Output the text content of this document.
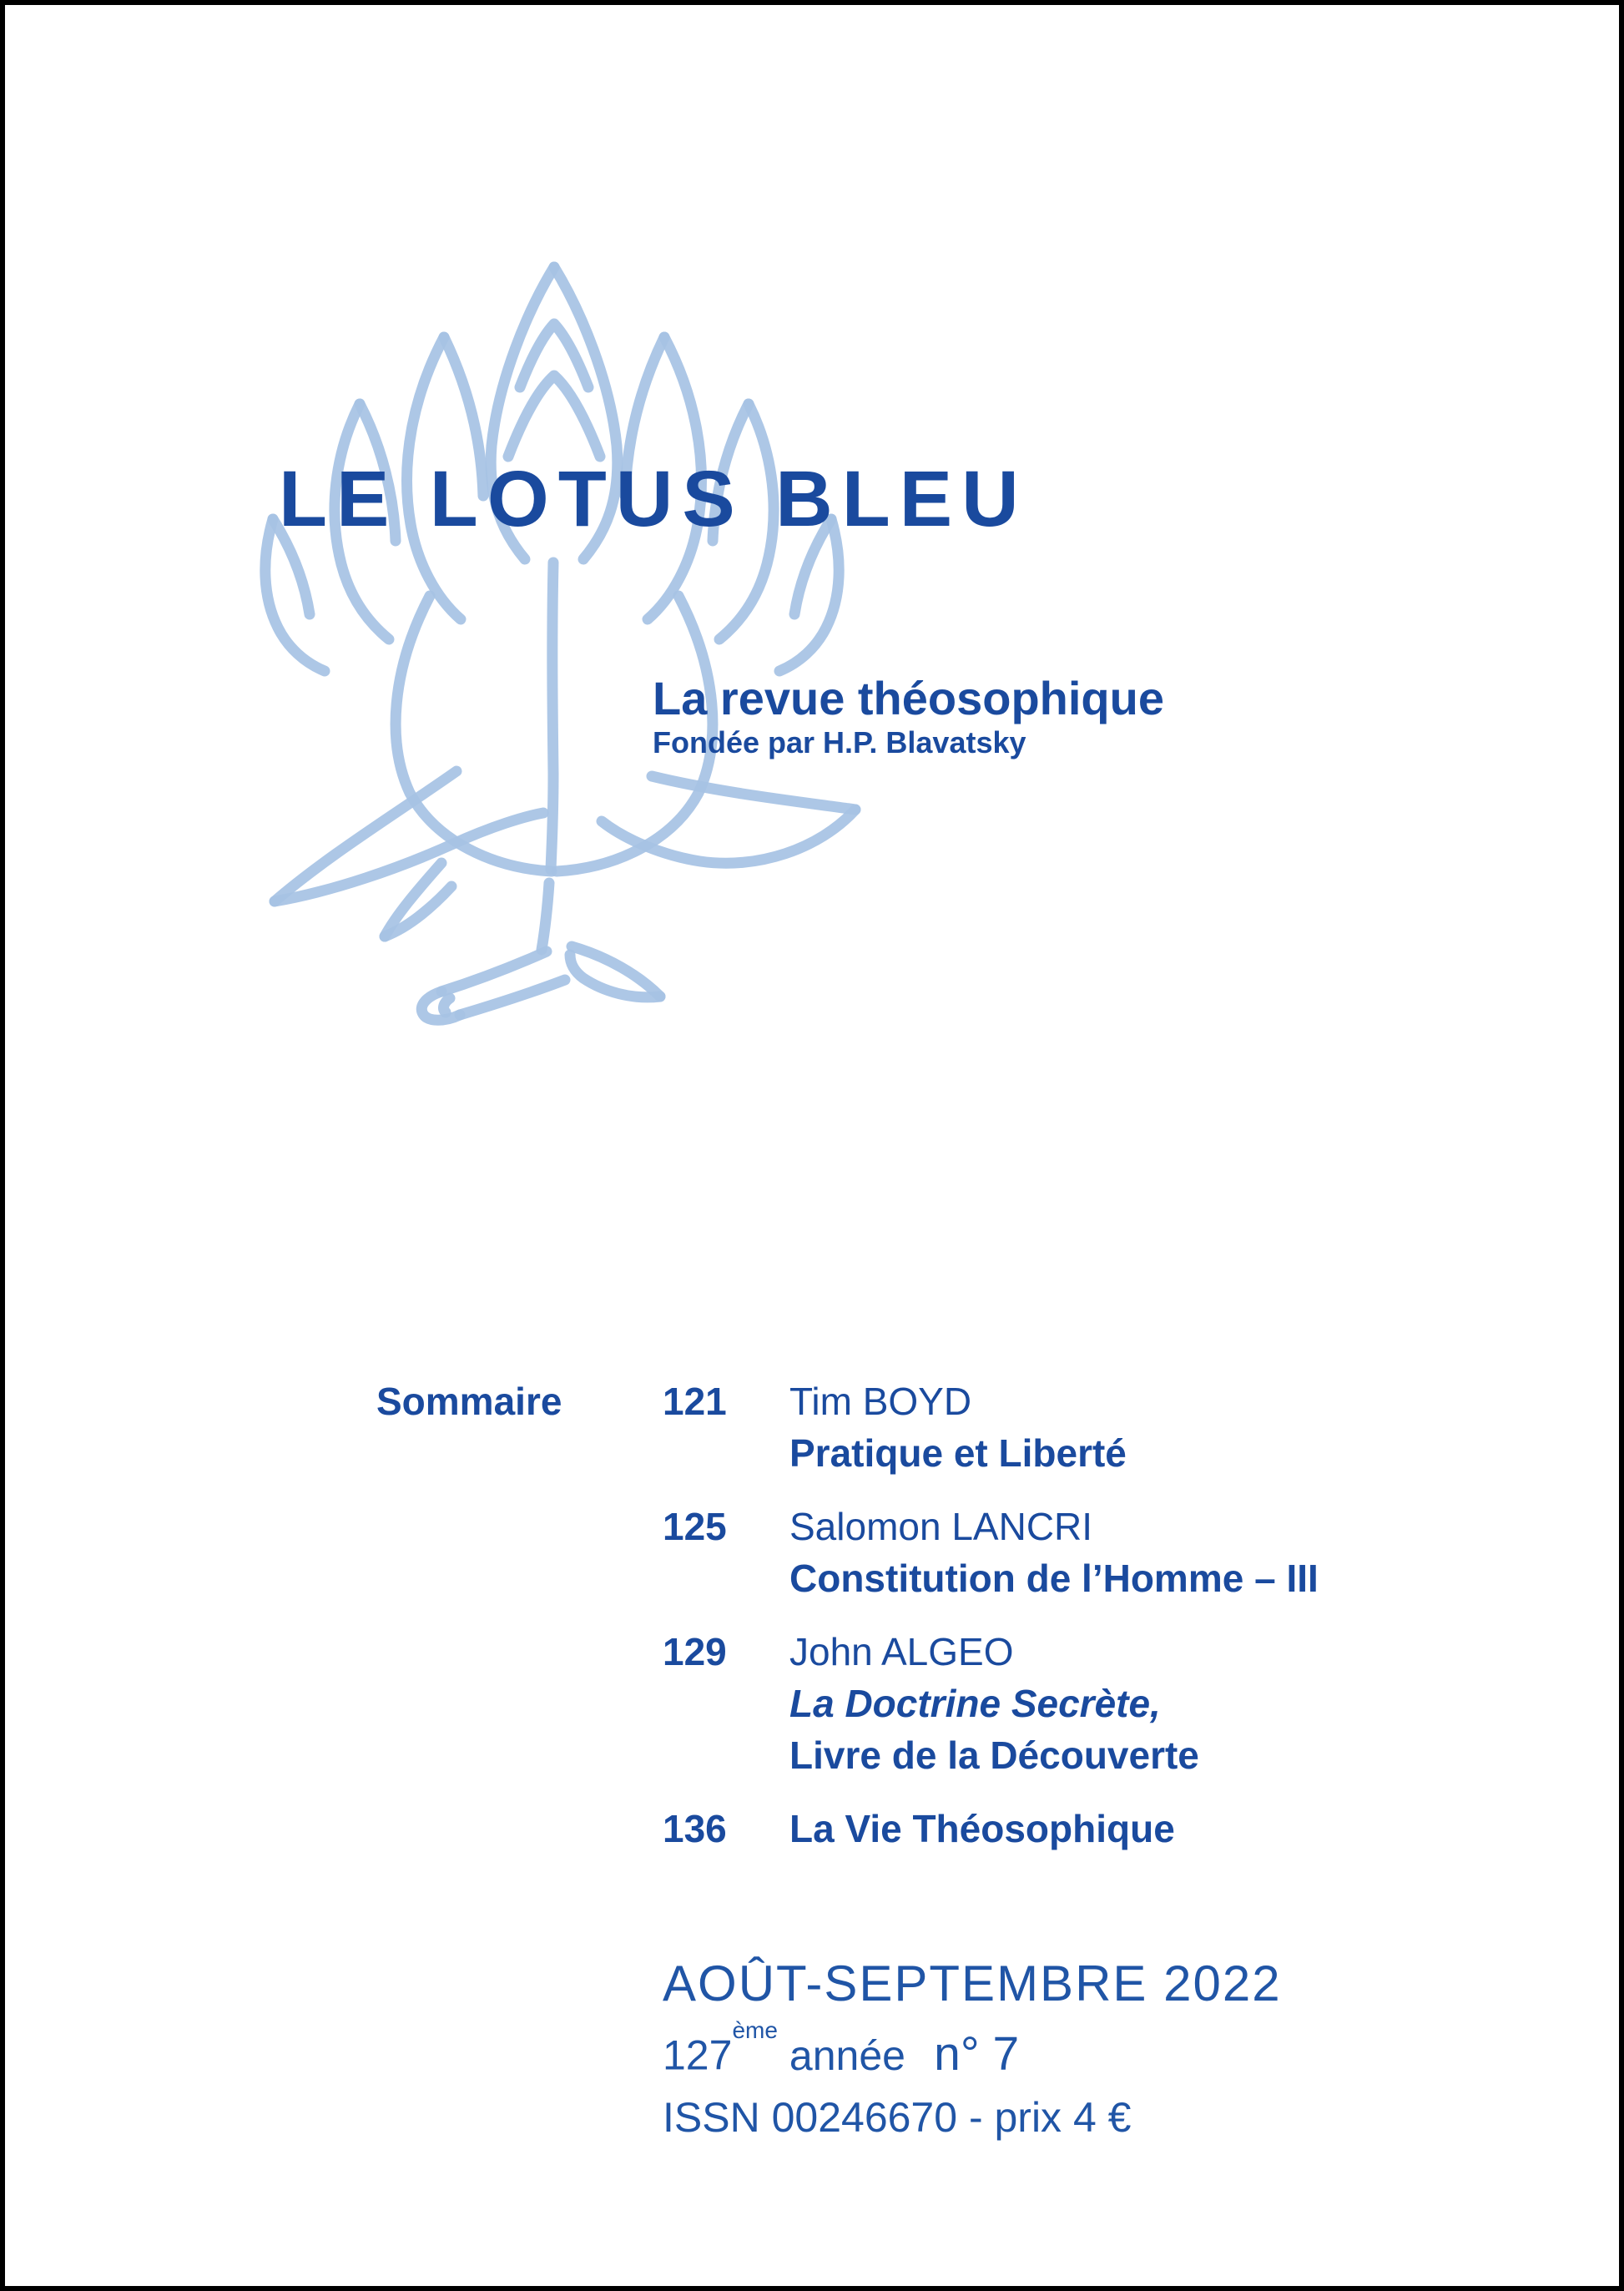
LE LOTUS BLEU
La revue théosophique
Fondée par H.P. Blavatsky
Sommaire	121	Tim BOYD
Pratique et Liberté
125	Salomon LANCRI
Constitution de l’Homme – III
129	John ALGEO
La Doctrine Secrète,
Livre de la Découverte
136	La Vie Théosophique
AOÛT-SEPTEMBRE 2022
127èmeannée n° 7
ISSN 00246670 - prix 4 €
